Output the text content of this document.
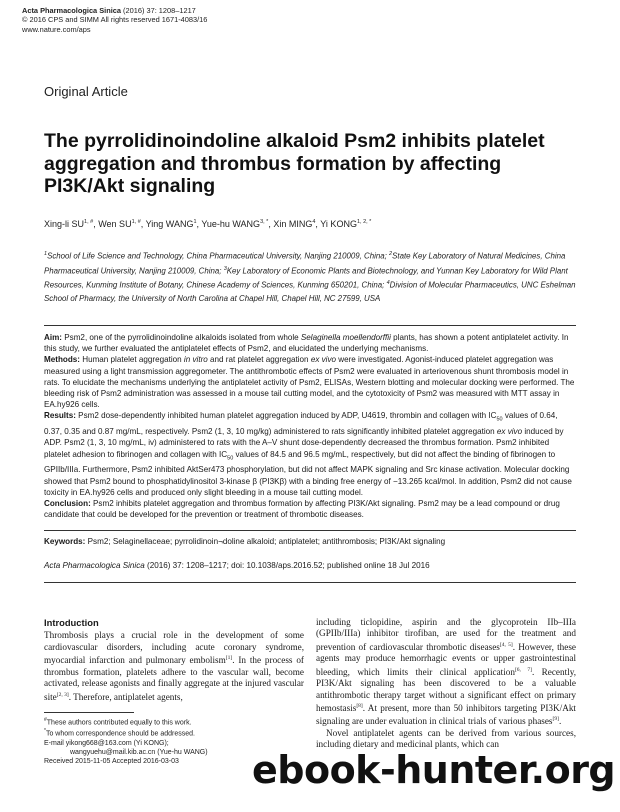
Acta Pharmacologica Sinica (2016) 37: 1208–1217
© 2016 CPS and SIMM All rights reserved 1671-4083/16
www.nature.com/aps
Original Article
The pyrrolidinoindoline alkaloid Psm2 inhibits platelet aggregation and thrombus formation by affecting PI3K/Akt signaling
Xing-li $SU^{1, \#}$, Wen $SU^{1, \#}$, Ying WANG$^1$, Yue-hu $WANG^{3, *}$, Xin MING$^4$, Yi $KONG^{1, 2, *}$
$^1$School of Life Science and Technology, China Pharmaceutical University, Nanjing 210009, China; $^2$State Key Laboratory of Natural Medicines, China Pharmaceutical University, Nanjing 210009, China; $^3$Key Laboratory of Economic Plants and Biotechnology, and Yunnan Key Laboratory for Wild Plant Resources, Kunming Institute of Botany, Chinese Academy of Sciences, Kunming 650201, China; $^4$Division of Molecular Pharmaceutics, UNC Eshelman School of Pharmacy, the University of North Carolina at Chapel Hill, Chapel Hill, NC 27599, USA

Aim: Psm2, one of the pyrrolidinoindoline alkaloids isolated from whole Selaginella moellendorffii plants, has shown a potent antiplatelet activity. In this study, we further evaluated the antiplatelet effects of Psm2, and elucidated the underlying mechanisms.

Methods: Human platelet aggregation in vitro and rat platelet aggregation ex vivo were investigated. Agonist-induced platelet aggregation was measured using a light transmission aggregometer. The antithrombotic effects of Psm2 were evaluated in arteriovenous shunt thrombosis model in rats. To elucidate the mechanisms underlying the antiplatelet activity of Psm2, ELISAs, Western blotting and molecular docking were performed. The bleeding risk of Psm2 administration was assessed in a mouse tail cutting model, and the cytotoxicity of Psm2 was measured with MTT assay in EA.hy926 cells.

Results: Psm2 dose-dependently inhibited human platelet aggregation induced by ADP, U4619, thrombin and collagen with $IC_{50}$ values of 0.64, 0.37, 0.35 and 0.87 mg/mL, respectively. Psm2 (1, 3, 10 mg/kg) administered to rats significantly inhibited platelet aggregation ex vivo induced by ADP. Psm2 (1, 3, 10 mg/mL, iv) administered to rats with the A–V shunt dose-dependently decreased the thrombus formation. Psm2 inhibited platelet adhesion to fibrinogen and collagen with $IC_{50}$ values of 84.5 and 96.5 mg/mL, respectively, but did not affect the binding of fibrinogen to GPIIb/IIIa. Furthermore, Psm2 inhibited AktSer473 phosphorylation, but did not affect MAPK signaling and Src kinase activation. Molecular docking showed that Psm2 bound to phosphatidylinositol 3-kinase β (PI3Kβ) with a binding free energy of −13.265 kcal/mol. In addition, Psm2 did not cause toxicity in EA.hy926 cells and produced only slight bleeding in a mouse tail cutting model.

Conclusion: Psm2 inhibits platelet aggregation and thrombus formation by affecting PI3K/Akt signaling. Psm2 may be a lead compound or drug candidate that could be developed for the prevention or treatment of thrombotic diseases.

Keywords: Psm2; Selaginellaceae; pyrrolidinoin¬doline alkaloid; antiplatelet; antithrombosis; PI3K/Akt signaling
Acta Pharmacologica Sinica (2016) 37: 1208–1217; doi: 10.1038/aps.2016.52; published online 18 Jul 2016
Introduction

Thrombosis plays a crucial role in the development of some cardiovascular disorders, including acute coronary syndrome, myocardial infarction and pulmonary embolism[1]. In the process of thrombus formation, platelets adhere to the vascular wall, become activated, release agonists and finally aggregate at the injured vascular site[2, 3]. Therefore, antiplatelet agents,

#These authors contributed equally to this work.

*To whom correspondence should be addressed.

E-mail yikong668@163.com (Yi KONG);

wangyuehu@mail.kib.ac.cn (Yue-hu WANG)

Received 2015-11-05 Accepted 2016-03-03

including ticlopidine, aspirin and the glycoprotein IIb–IIIa (GPIIb/IIIa) inhibitor tirofiban, are used for the treatment and prevention of cardiovascular thrombotic diseases[4, 5]. However, these agents may produce hemorrhagic events or upper gastrointestinal bleeding, which limits their clinical application[6, 7]. Recently, PI3K/Akt signaling has been discovered to be a valuable antithrombotic therapy target without a significant effect on primary hemostasis[8]. At present, more than 50 inhibitors targeting PI3K/Akt signaling are under evaluation in clinical trials of various phases[9].

Novel antiplatelet agents can be derived from various sources, including dietary and medicinal plants, which can

ebook-hunter.org
